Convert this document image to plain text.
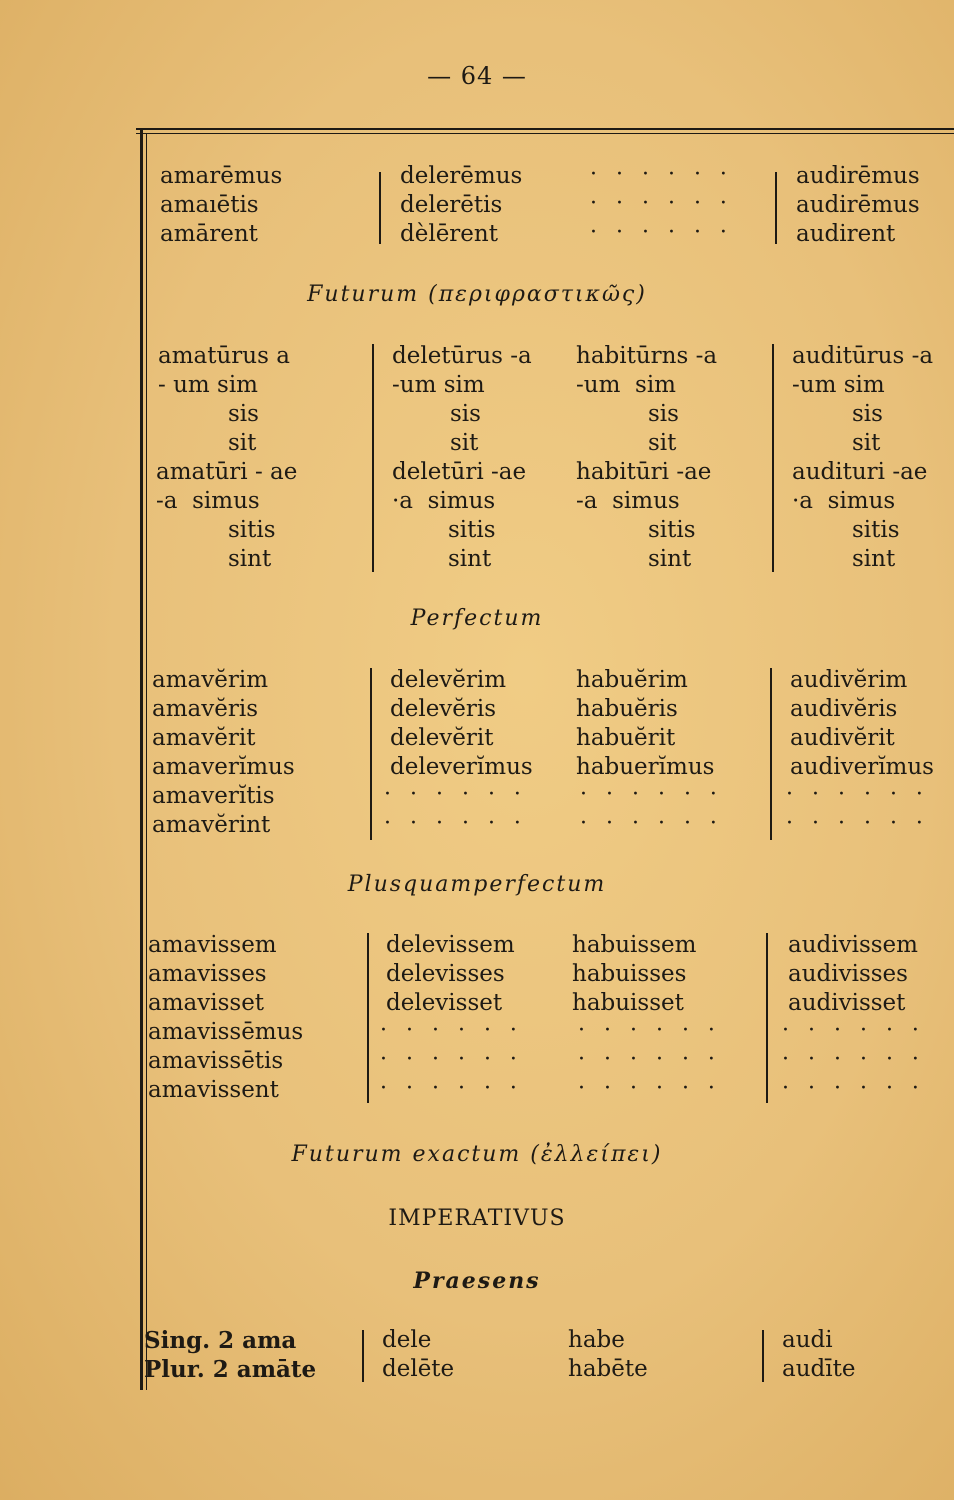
— 64 —
amarēmus
amaıētis
amārent
delerēmus
delerētis
dèlērent
· · · · · ·
· · · · · ·
· · · · · ·
audirēmus
audirēmus
audirent
Futurum (περιφραστικῶς)
amatūrus a
- um sim
sis
sit
amatūri - ae
-a  simus
sitis
sint
deletūrus -a
-um sim
sis
sit
deletūri -ae
·a  simus
sitis
sint
habitūrns -a
-um  sim
sis
sit
habitūri -ae
-a  simus
sitis
sint
auditūrus -a
-um sim
sis
sit
audituri -ae
·a  simus
sitis
sint
Perfectum
amavĕrim
amavĕris
amavĕrit
amaverĭmus
amaverĭtis
amavĕrint
delevĕrim
delevĕris
delevĕrit
deleverĭmus
· · · · · ·
· · · · · ·
habuĕrim
habuĕris
habuĕrit
habuerĭmus
· · · · · ·
· · · · · ·
audivĕrim
audivĕris
audivĕrit
audiverĭmus
· · · · · ·
· · · · · ·
Plusquamperfectum
amavissem
amavisses
amavisset
amavissēmus
amavissētis
amavissent
delevissem
delevisses
delevisset
· · · · · ·
· · · · · ·
· · · · · ·
habuissem
habuisses
habuisset
· · · · · ·
· · · · · ·
· · · · · ·
audivissem
audivisses
audivisset
· · · · · ·
· · · · · ·
· · · · · ·
Futurum exactum (ἐλλείπει)
IMPERATIVUS
Praesens
Sing. 2 ama
Plur. 2 amāte
dele
delēte
habe
habēte
audi
audīte
